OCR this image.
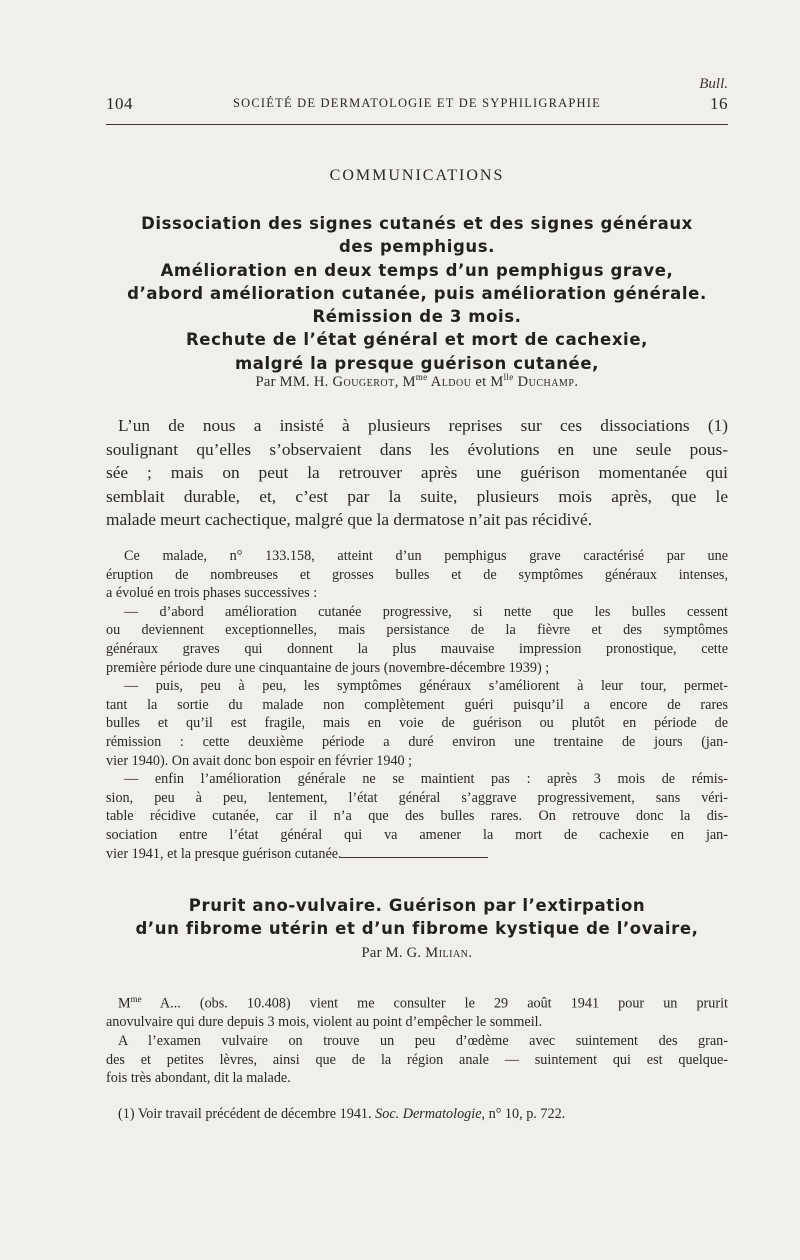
Bull.
104	SOCIÉTÉ DE DERMATOLOGIE ET DE SYPHILIGRAPHIE	16
COMMUNICATIONS
Dissociation des signes cutanés et des signes généraux
des pemphigus.
Amélioration en deux temps d’un pemphigus grave,
d’abord amélioration cutanée, puis amélioration générale.
Rémission de 3 mois.
Rechute de l’état général et mort de cachexie,
malgré la presque guérison cutanée,
Par MM. H. Gougerot, $M^{me}$ Aldou et $M^{lle}$ Duchamp.
L’un de nous a insisté à plusieurs reprises sur ces dissociations (1)
soulignant qu’elles s’observaient dans les évolutions en une seule pous-
sée ; mais on peut la retrouver après une guérison momentanée qui
semblait durable, et, c’est par la suite, plusieurs mois après, que le
malade meurt cachectique, malgré que la dermatose n’ait pas récidivé.
Ce malade, n° 133.158, atteint d’un pemphigus grave caractérisé par une
éruption de nombreuses et grosses bulles et de symptômes généraux intenses,
a évolué en trois phases successives :
— d’abord amélioration cutanée progressive, si nette que les bulles cessent
ou deviennent exceptionnelles, mais persistance de la fièvre et des symptômes
généraux graves qui donnent la plus mauvaise impression pronostique, cette
première période dure une cinquantaine de jours (novembre-décembre 1939) ;
— puis, peu à peu, les symptômes généraux s’améliorent à leur tour, permet-
tant la sortie du malade non complètement guéri puisqu’il a encore de rares
bulles et qu’il est fragile, mais en voie de guérison ou plutôt en période de
rémission : cette deuxième période a duré environ une trentaine de jours (jan-
vier 1940). On avait donc bon espoir en février 1940 ;
— enfin l’amélioration générale ne se maintient pas : après 3 mois de rémis-
sion, peu à peu, lentement, l’état général s’aggrave progressivement, sans véri-
table récidive cutanée, car il n’a que des bulles rares. On retrouve donc la dis-
sociation entre l’état général qui va amener la mort de cachexie en jan-
vier 1941, et la presque guérison cutanée.
Prurit ano-vulvaire. Guérison par l’extirpation
d’un fibrome utérin et d’un fibrome kystique de l’ovaire,
Par M. G. Milian.
$M^{me}$ A... (obs. 10.408) vient me consulter le 29 août 1941 pour un prurit
anovulvaire qui dure depuis 3 mois, violent au point d’empêcher le sommeil.
A l’examen vulvaire on trouve un peu d’œdème avec suintement des gran-
des et petites lèvres, ainsi que de la région anale — suintement qui est quelque-
fois très abondant, dit la malade.
(1) Voir travail précédent de décembre 1941. Soc. Dermatologie, n° 10, p. 722.
